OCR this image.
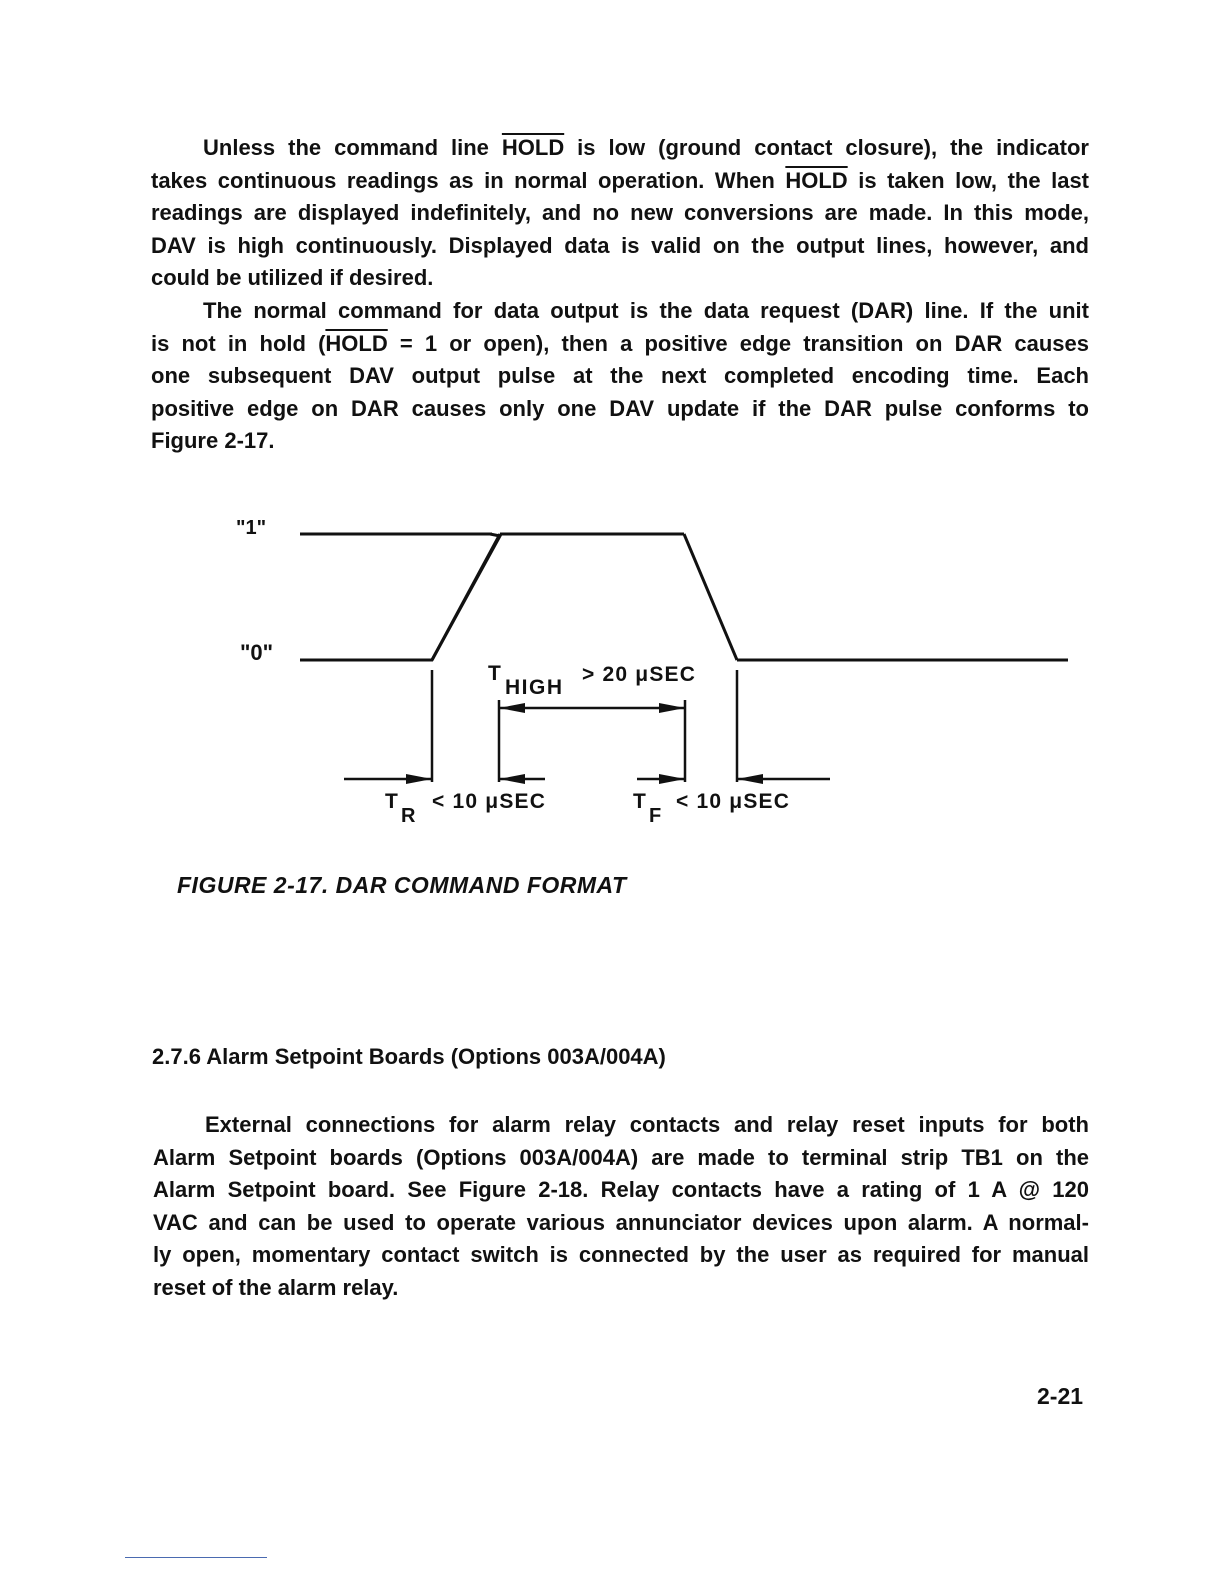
Unless the command line HOLD is low (ground contact closure), the indicator
takes continuous readings as in normal operation. When HOLD is taken low, the last
readings are displayed indefinitely, and no new conversions are made. In this mode,
DAV is high continuously. Displayed data is valid on the output lines, however, and
could be utilized if desired.
The normal command for data output is the data request (DAR) line. If the unit
is not in hold (HOLD = 1 or open), then a positive edge transition on DAR causes
one subsequent DAV output pulse at the next completed encoding time. Each
positive edge on DAR causes only one DAV update if the DAR pulse conforms to
Figure 2-17.
"1"
"0"
T
HIGH
> 20 μSEC
T
R
< 10 μSEC	T
F
< 10 μSEC

FIGURE 2-17. DAR COMMAND FORMAT

2.7.6 Alarm Setpoint Boards (Options 003A/004A)
External connections for alarm relay contacts and relay reset inputs for both
Alarm Setpoint boards (Options 003A/004A) are made to terminal strip TB1 on the
Alarm Setpoint board. See Figure 2-18. Relay contacts have a rating of 1 A @ 120
VAC and can be used to operate various annunciator devices upon alarm. A normal-
ly open, momentary contact switch is connected by the user as required for manual
reset of the alarm relay.

2-21
